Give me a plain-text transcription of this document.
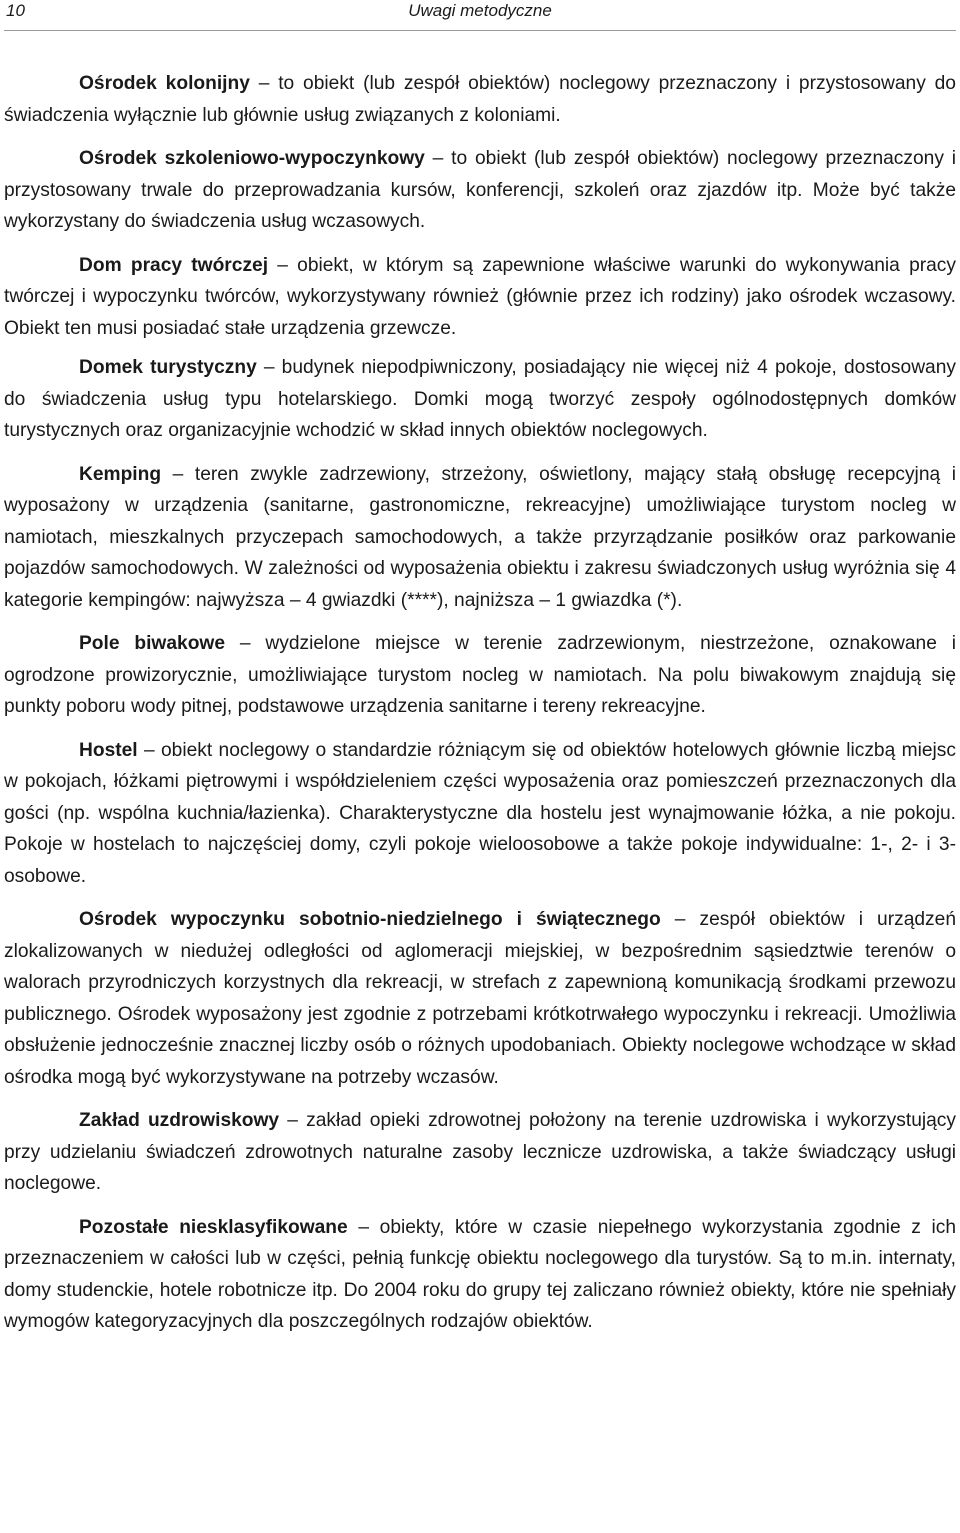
10	Uwagi metodyczne

Ośrodek kolonijny – to obiekt (lub zespół obiektów) noclegowy przeznaczony i przystosowany do świadczenia wyłącznie lub głównie usług związanych z koloniami.

Ośrodek szkoleniowo-wypoczynkowy – to obiekt (lub zespół obiektów) noclegowy przeznaczony i przystosowany trwale do przeprowadzania kursów, konferencji, szkoleń oraz zjazdów itp. Może być także wykorzystany do świadczenia usług wczasowych.

Dom pracy twórczej – obiekt, w którym są zapewnione właściwe warunki do wykonywania pracy twórczej i wypoczynku twórców, wykorzystywany również (głównie przez ich rodziny) jako ośrodek wczasowy. Obiekt ten musi posiadać stałe urządzenia grzewcze.

Domek turystyczny – budynek niepodpiwniczony, posiadający nie więcej niż 4 pokoje, dostosowany do świadczenia usług typu hotelarskiego. Domki mogą tworzyć zespoły ogólnodostępnych domków turystycznych oraz organizacyjnie wchodzić w skład innych obiektów noclegowych.

Kemping – teren zwykle zadrzewiony, strzeżony, oświetlony, mający stałą obsługę recepcyjną i wyposażony w urządzenia (sanitarne, gastronomiczne, rekreacyjne) umożliwiające turystom nocleg w namiotach, mieszkalnych przyczepach samochodowych, a także przyrządzanie posiłków oraz parkowanie pojazdów samochodowych. W zależności od wyposażenia obiektu i zakresu świadczonych usług wyróżnia się 4 kategorie kempingów: najwyższa – 4 gwiazdki (****), najniższa – 1 gwiazdka (*).

Pole biwakowe – wydzielone miejsce w terenie zadrzewionym, niestrzeżone, oznakowane i ogrodzone prowizorycznie, umożliwiające turystom nocleg w namiotach. Na polu biwakowym znajdują się punkty poboru wody pitnej, podstawowe urządzenia sanitarne i tereny rekreacyjne.

Hostel – obiekt noclegowy o standardzie różniącym się od obiektów hotelowych głównie liczbą miejsc w pokojach, łóżkami piętrowymi i współdzieleniem części wyposażenia oraz pomieszczeń przeznaczonych dla gości (np. wspólna kuchnia/łazienka). Charakterystyczne dla hostelu jest wynajmowanie łóżka, a nie pokoju. Pokoje w hostelach to najczęściej domy, czyli pokoje wieloosobowe a także pokoje indywidualne: 1-, 2- i 3-osobowe.

Ośrodek wypoczynku sobotnio-niedzielnego i świątecznego – zespół obiektów i urządzeń zlokalizowanych w niedużej odległości od aglomeracji miejskiej, w bezpośrednim sąsiedztwie terenów o walorach przyrodniczych korzystnych dla rekreacji, w strefach z zapewnioną komunikacją środkami przewozu publicznego. Ośrodek wyposażony jest zgodnie z potrzebami krótkotrwałego wypoczynku i rekreacji. Umożliwia obsłużenie jednocześnie znacznej liczby osób o różnych upodobaniach. Obiekty noclegowe wchodzące w skład ośrodka mogą być wykorzystywane na potrzeby wczasów.

Zakład uzdrowiskowy – zakład opieki zdrowotnej położony na terenie uzdrowiska i wykorzystujący przy udzielaniu świadczeń zdrowotnych naturalne zasoby lecznicze uzdrowiska, a także świadczący usługi noclegowe.

Pozostałe niesklasyfikowane – obiekty, które w czasie niepełnego wykorzystania zgodnie z ich przeznaczeniem w całości lub w części, pełnią funkcję obiektu noclegowego dla turystów. Są to m.in. internaty, domy studenckie, hotele robotnicze itp. Do 2004 roku do grupy tej zaliczano również obiekty, które nie spełniały wymogów kategoryzacyjnych dla poszczególnych rodzajów obiektów.
